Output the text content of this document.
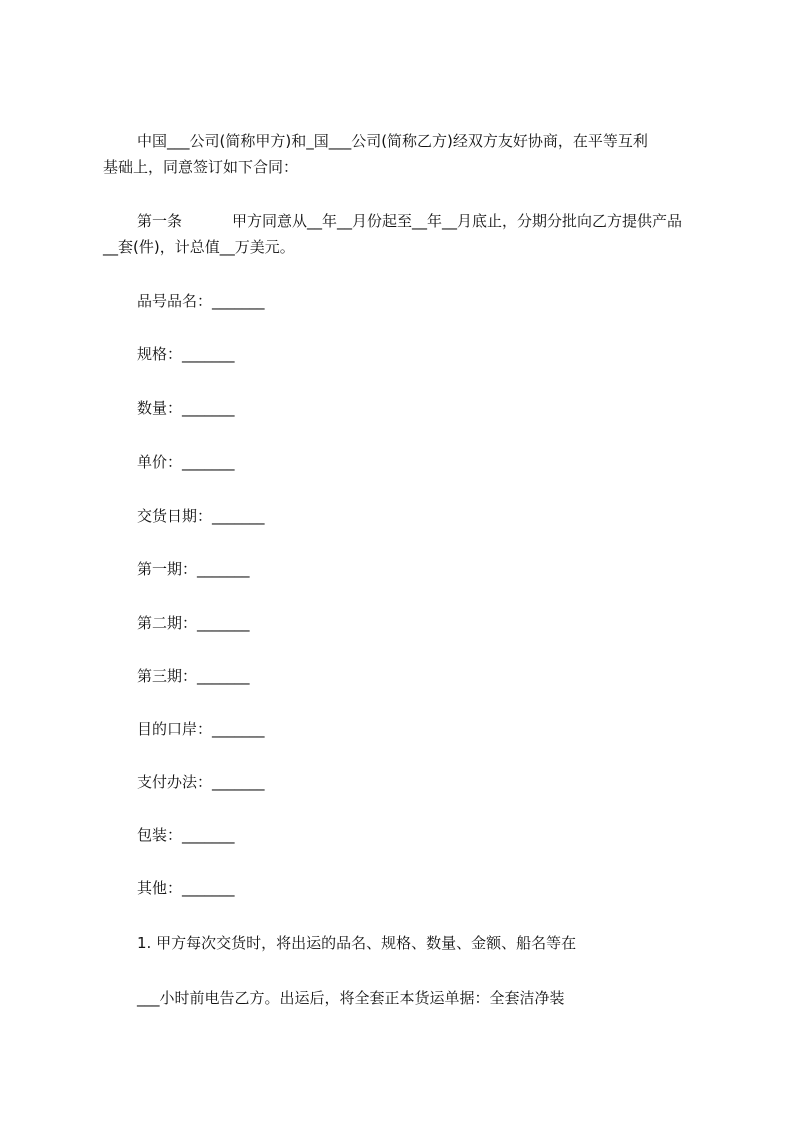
中国___公司(简称甲方)和_国___公司(简称乙方)经双方友好协商，在平等互利
基础上，同意签订如下合同：
第一条	甲方同意从__年__月份起至__年__月底止，分期分批向乙方提供产品
__套(件)，计总值__万美元。
品号品名：_______
规格：_______
数量：_______
单价：_______
交货日期：_______
第一期：_______
第二期：_______
第三期：_______
目的口岸：_______
支付办法：_______
包装：_______
其他：_______
1. 甲方每次交货时，将出运的品名、规格、数量、金额、船名等在
___小时前电告乙方。出运后，将全套正本货运单据：全套洁净装
